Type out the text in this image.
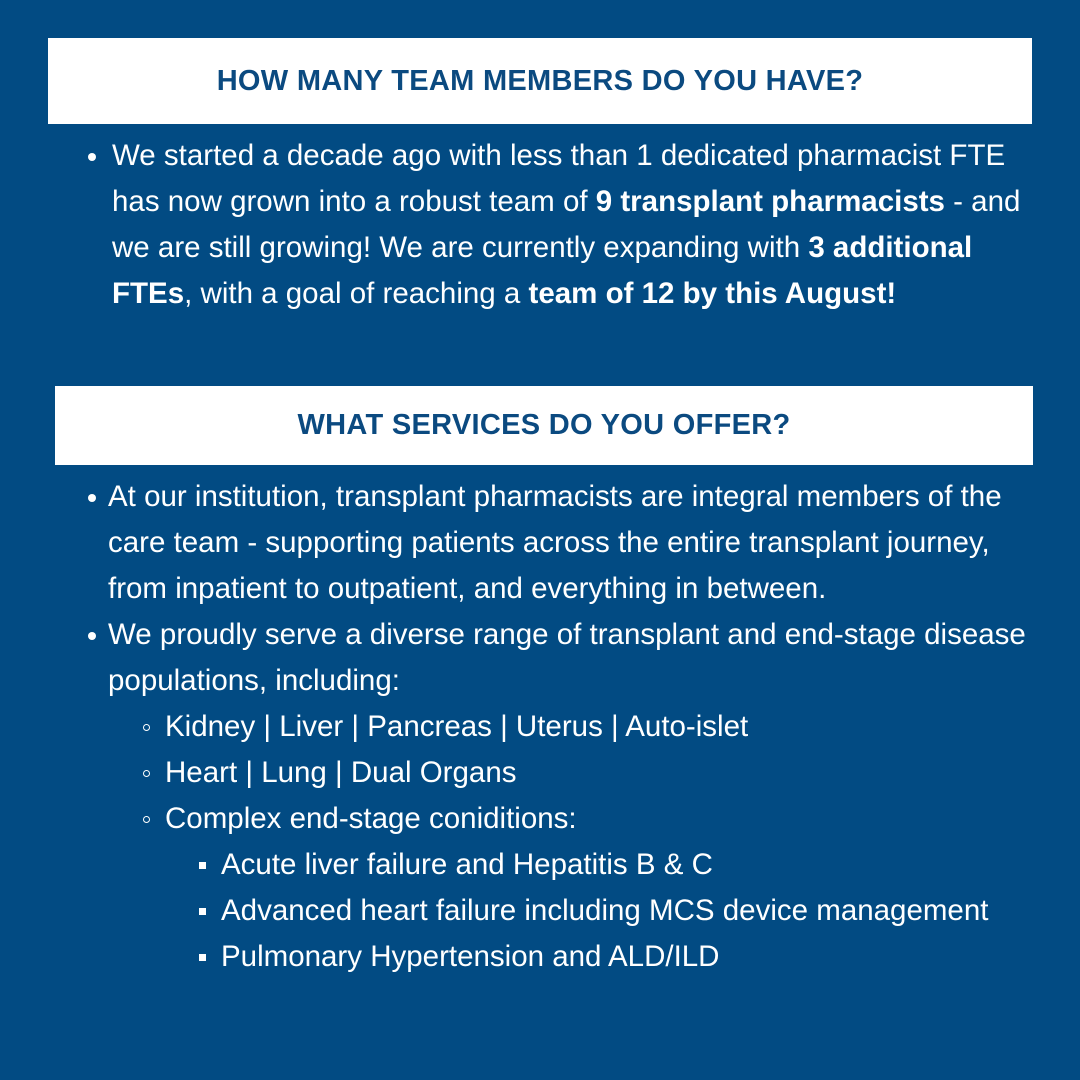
HOW MANY TEAM MEMBERS DO YOU HAVE?
We started a decade ago with less than 1 dedicated pharmacist FTE has now grown into a robust team of 9 transplant pharmacists - and we are still growing! We are currently expanding with 3 additional FTEs, with a goal of reaching a team of 12 by this August!
WHAT SERVICES DO YOU OFFER?
At our institution, transplant pharmacists are integral members of the care team - supporting patients across the entire transplant journey, from inpatient to outpatient, and everything in between.
We proudly serve a diverse range of transplant and end-stage disease populations, including:
Kidney | Liver | Pancreas | Uterus | Auto-islet
Heart | Lung | Dual Organs
Complex end-stage coniditions:
Acute liver failure and Hepatitis B & C
Advanced heart failure including MCS device management
Pulmonary Hypertension and ALD/ILD
